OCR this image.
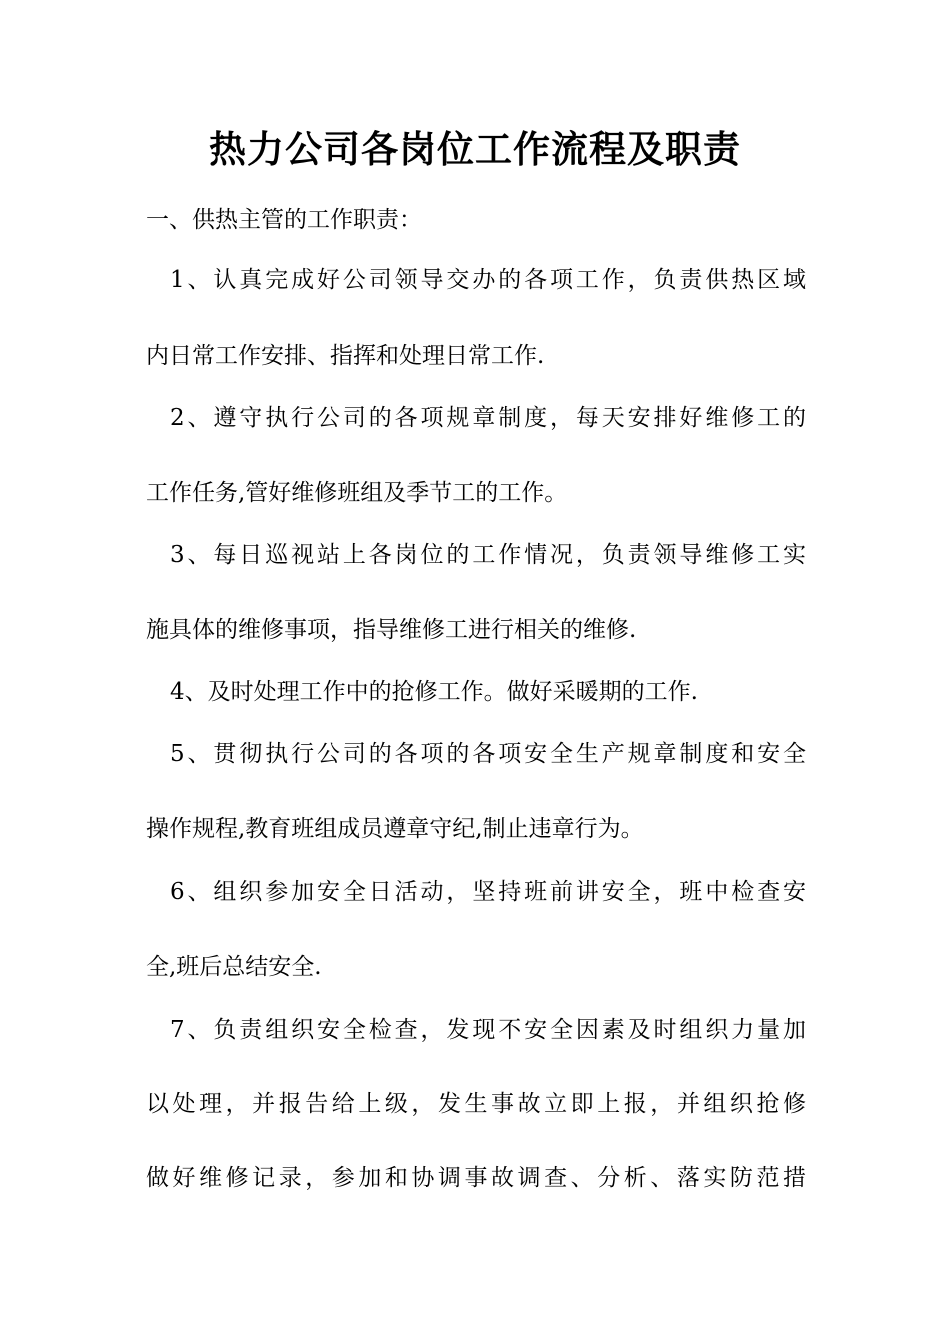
热力公司各岗位工作流程及职责
一、供热主管的工作职责：
1、认真完成好公司领导交办的各项工作，负责供热区域
内日常工作安排、指挥和处理日常工作.
2、遵守执行公司的各项规章制度，每天安排好维修工的
工作任务,管好维修班组及季节工的工作。
3、每日巡视站上各岗位的工作情况，负责领导维修工实
施具体的维修事项，指导维修工进行相关的维修.
4、及时处理工作中的抢修工作。做好采暖期的工作.
5、贯彻执行公司的各项的各项安全生产规章制度和安全
操作规程,教育班组成员遵章守纪,制止违章行为。
6、组织参加安全日活动，坚持班前讲安全，班中检查安
全,班后总结安全.
7、负责组织安全检查，发现不安全因素及时组织力量加
以处理，并报告给上级，发生事故立即上报，并组织抢修
做好维修记录，参加和协调事故调查、分析、落实防范措
